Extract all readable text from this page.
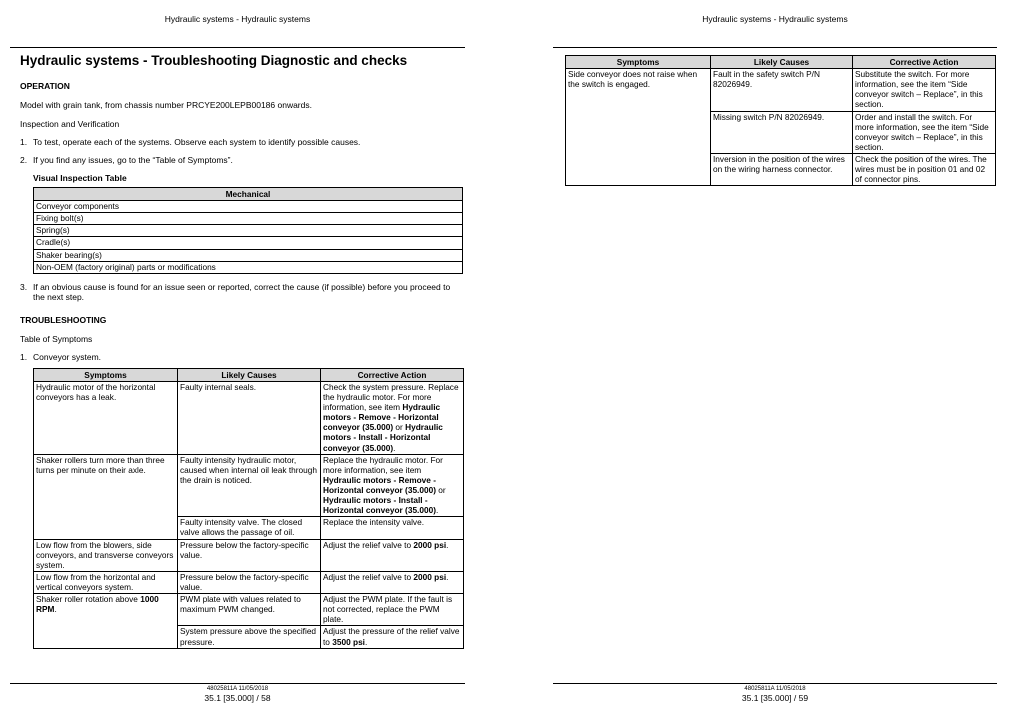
Hydraulic systems - Hydraulic systems
Hydraulic systems - Troubleshooting Diagnostic and checks
OPERATION
Model with grain tank, from chassis number PRCYE200LEPB00186 onwards.
Inspection and Verification
1. To test, operate each of the systems. Observe each system to identify possible causes.
2. If you find any issues, go to the “Table of Symptoms”.
Visual Inspection Table
Mechanical
Conveyor components
Fixing bolt(s)
Spring(s)
Cradle(s)
Shaker bearing(s)
Non-OEM (factory original) parts or modifications
3. If an obvious cause is found for an issue seen or reported, correct the cause (if possible) before you proceed to the next step.
TROUBLESHOOTING
Table of Symptoms
1. Conveyor system.
Symptoms	Likely Causes	Corrective Action
Hydraulic motor of the horizontal conveyors has a leak.	Faulty internal seals.	Check the system pressure. Replace the hydraulic motor. For more information, see item Hydraulic motors - Remove - Horizontal conveyor (35.000) or Hydraulic motors - Install - Horizontal conveyor (35.000).
Shaker rollers turn more than three turns per minute on their axle.	Faulty intensity hydraulic motor, caused when internal oil leak through the drain is noticed.	Replace the hydraulic motor. For more information, see item Hydraulic motors - Remove - Horizontal conveyor (35.000) or Hydraulic motors - Install - Horizontal conveyor (35.000).
	Faulty intensity valve. The closed valve allows the passage of oil.	Replace the intensity valve.
Low flow from the blowers, side conveyors, and transverse conveyors system.	Pressure below the factory-specific value.	Adjust the relief valve to 2000 psi.
Low flow from the horizontal and vertical conveyors system.	Pressure below the factory-specific value.	Adjust the relief valve to 2000 psi.
Shaker roller rotation above 1000 RPM.	PWM plate with values related to maximum PWM changed.	Adjust the PWM plate. If the fault is not corrected, replace the PWM plate.
	System pressure above the specified pressure.	Adjust the pressure of the relief valve to 3500 psi.
Hydraulic systems - Hydraulic systems
Symptoms	Likely Causes	Corrective Action
Side conveyor does not raise when the switch is engaged.	Fault in the safety switch P/N 82026949.	Substitute the switch. For more information, see the item “Side conveyor switch – Replace”, in this section.
	Missing switch P/N 82026949.	Order and install the switch. For more information, see the item “Side conveyor switch – Replace”, in this section.
	Inversion in the position of the wires on the wiring harness connector.	Check the position of the wires. The wires must be in position 01 and 02 of connector pins.
48025811A 11/05/2018
35.1 [35.000] / 58
48025811A 11/05/2018
35.1 [35.000] / 59
